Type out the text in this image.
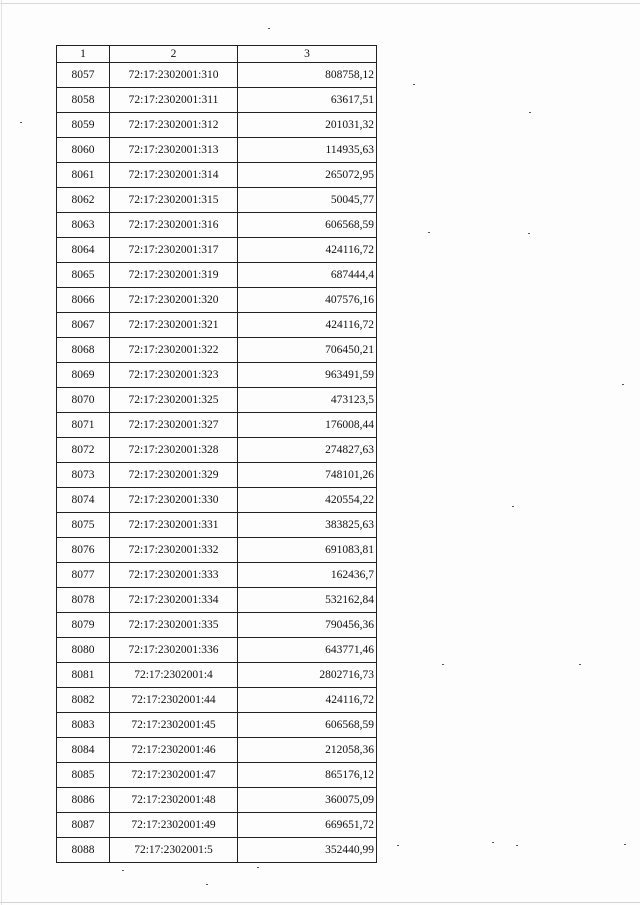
1	2	3
8057	72:17:2302001:310	808758,12
8058	72:17:2302001:311	63617,51
8059	72:17:2302001:312	201031,32
8060	72:17:2302001:313	114935,63
8061	72:17:2302001:314	265072,95
8062	72:17:2302001:315	50045,77
8063	72:17:2302001:316	606568,59
8064	72:17:2302001:317	424116,72
8065	72:17:2302001:319	687444,4
8066	72:17:2302001:320	407576,16
8067	72:17:2302001:321	424116,72
8068	72:17:2302001:322	706450,21
8069	72:17:2302001:323	963491,59
8070	72:17:2302001:325	473123,5
8071	72:17:2302001:327	176008,44
8072	72:17:2302001:328	274827,63
8073	72:17:2302001:329	748101,26
8074	72:17:2302001:330	420554,22
8075	72:17:2302001:331	383825,63
8076	72:17:2302001:332	691083,81
8077	72:17:2302001:333	162436,7
8078	72:17:2302001:334	532162,84
8079	72:17:2302001:335	790456,36
8080	72:17:2302001:336	643771,46
8081	72:17:2302001:4	2802716,73
8082	72:17:2302001:44	424116,72
8083	72:17:2302001:45	606568,59
8084	72:17:2302001:46	212058,36
8085	72:17:2302001:47	865176,12
8086	72:17:2302001:48	360075,09
8087	72:17:2302001:49	669651,72
8088	72:17:2302001:5	352440,99
